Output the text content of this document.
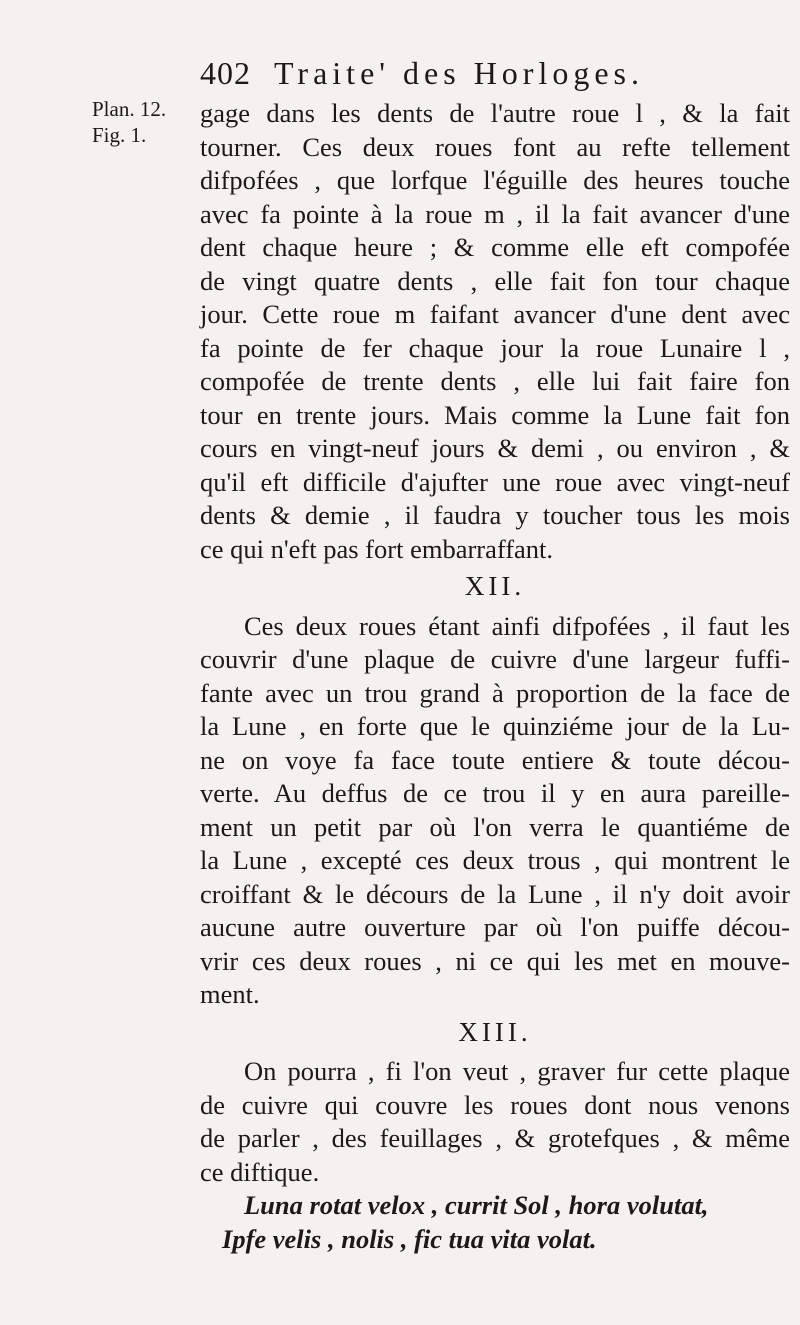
Plan. 12.
Fig. 1.
402 Traite' des Horloges.
gage dans les dents de l'autre roue l , & la fait
tourner. Ces deux roues font au refte tellement
difpofées , que lorfque l'éguille des heures touche
avec fa pointe à la roue m , il la fait avancer d'une
dent chaque heure ; & comme elle eft compofée
de vingt quatre dents , elle fait fon tour chaque
jour. Cette roue m faifant avancer d'une dent avec
fa pointe de fer chaque jour la roue Lunaire l ,
compofée de trente dents , elle lui fait faire fon
tour en trente jours. Mais comme la Lune fait fon
cours en vingt-neuf jours & demi , ou environ , &
qu'il eft difficile d'ajufter une roue avec vingt-neuf
dents & demie , il faudra y toucher tous les mois
ce qui n'eft pas fort embarraffant.
XII.
Ces deux roues étant ainfi difpofées , il faut les
couvrir d'une plaque de cuivre d'une largeur fuffi-
fante avec un trou grand à proportion de la face de
la Lune , en forte que le quinziéme jour de la Lu-
ne on voye fa face toute entiere & toute décou-
verte. Au deffus de ce trou il y en aura pareille-
ment un petit par où l'on verra le quantiéme de
la Lune , excepté ces deux trous , qui montrent le
croiffant & le décours de la Lune , il n'y doit avoir
aucune autre ouverture par où l'on puiffe décou-
vrir ces deux roues , ni ce qui les met en mouve-
ment.
XIII.
On pourra , fi l'on veut , graver fur cette plaque
de cuivre qui couvre les roues dont nous venons
de parler , des feuillages , & grotefques , & même
ce diftique.
Luna rotat velox , currit Sol , hora volutat,
Ipfe velis , nolis , fic tua vita volat.
